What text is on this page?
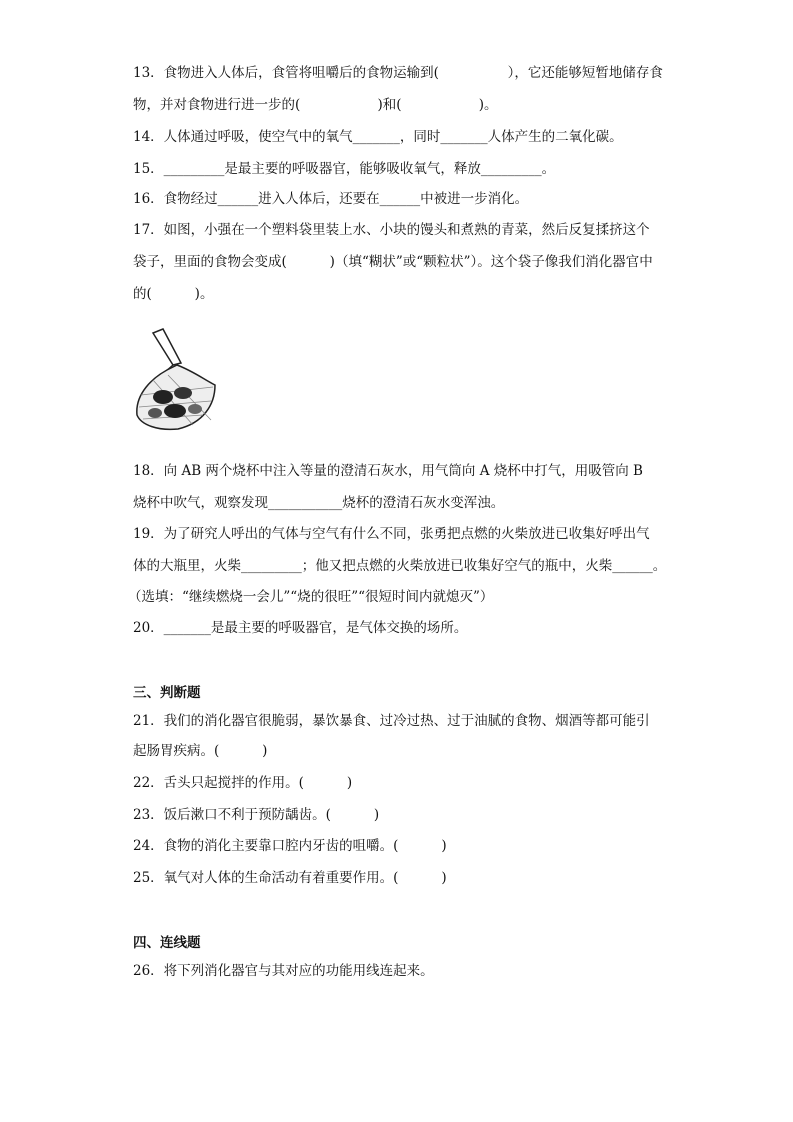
13．食物进入人体后，食管将咀嚼后的食物运输到(                ），它还能够短暂地储存食
物，并对食物进行进一步的(                  )和(                  )。
14．人体通过呼吸，使空气中的氧气_______，同时_______人体产生的二氧化碳。
15．_________是最主要的呼吸器官，能够吸收氧气，释放_________。
16．食物经过______进入人体后，还要在______中被进一步消化。
17．如图，小强在一个塑料袋里装上水、小块的馒头和煮熟的青菜，然后反复揉挤这个
袋子，里面的食物会变成(          )（填“糊状”或“颗粒状”）。这个袋子像我们消化器官中
的(          )。
18．向 AB 两个烧杯中注入等量的澄清石灰水，用气筒向 A 烧杯中打气，用吸管向 B
烧杯中吹气，观察发现___________烧杯的澄清石灰水变浑浊。
19．为了研究人呼出的气体与空气有什么不同，张勇把点燃的火柴放进已收集好呼出气
体的大瓶里，火柴_________；他又把点燃的火柴放进已收集好空气的瓶中，火柴______。
（选填：“继续燃烧一会儿”“烧的很旺”“很短时间内就熄灭”）
20．_______是最主要的呼吸器官，是气体交换的场所。
三、判断题
21．我们的消化器官很脆弱，暴饮暴食、过冷过热、过于油腻的食物、烟酒等都可能引
起肠胃疾病。(          )
22．舌头只起搅拌的作用。(          )
23．饭后漱口不利于预防龋齿。(          )
24．食物的消化主要靠口腔内牙齿的咀嚼。(          )
25．氧气对人体的生命活动有着重要作用。(          )
四、连线题
26．将下列消化器官与其对应的功能用线连起来。
